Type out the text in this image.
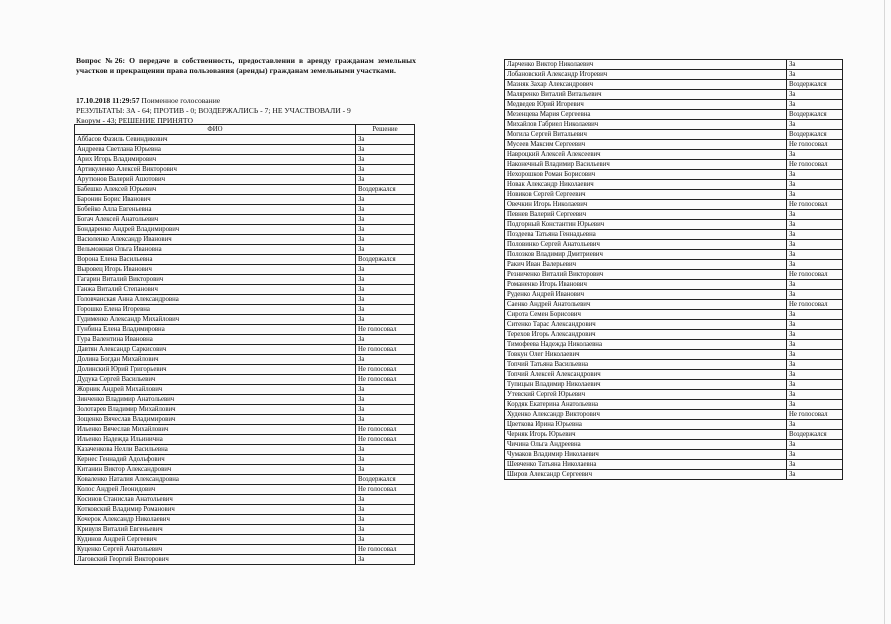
Вопрос №26: О передаче в собственность, предоставлении в аренду гражданам земельных участков и прекращении права пользования (аренды) гражданам земельными участками.
17.10.2018 11:29:57 Поименное голосование
РЕЗУЛЬТАТЫ: ЗА - 64; ПРОТИВ - 0; ВОЗДЕРЖАЛИСЬ - 7; НЕ УЧАСТВОВАЛИ - 9
Кворум - 43; РЕШЕНИЕ ПРИНЯТО
ФИО	Решение
Аббасов Фазиль Севиндикович	За
Андреева Светлана Юрьевна	За
Арих Игорь Владимирович	За
Артикуленко Алексей Викторович	За
Арутюнов Валерий Ашотович	За
Бабешко Алексей Юрьевич	Воздержался
Баронин Борис Иванович	За
Бобейко Алла Евгеньевна	За
Богач Алексей Анатольевич	За
Бондаренко Андрей Владимирович	За
Васюленко Александр Иванович	За
Вельможная Ольга Ивановна	За
Ворона Елена Васильевна	Воздержался
Выровец Игорь Иванович	За
Гагарин Виталий Викторович	За
Ганжа Виталий Степанович	За
Головчанская Анна Александровна	За
Горошко Елена Игоревна	За
Гудименко Александр Михайлович	За
Гунбина Елена Владимировна	Не голосовал
Гура Валентина Ивановна	За
Давтян Александр Саркисович	Не голосовал
Долина Богдан Михайлович	За
Долинский Юрий Григорьевич	Не голосовал
Дудука Сергей Васильевич	Не голосовал
Жорник Андрей Михайлович	За
Зинченко Владимир Анатольевич	За
Золотарев Владимир Михайлович	За
Зощенко Вячеслав Владимирович	За
Ильенко Вячеслав Михайлович	Не голосовал
Ильенко Надежда Ильинична	Не голосовал
Казаченкова Нелли Васильевна	За
Кернес Геннадий Адольфович	За
Китанин Виктор Александрович	За
Коваленко Наталия Александровна	Воздержался
Колос Андрей Леонидович	Не голосовал
Косинов Станислав Анатольевич	За
Котковский Владимир Романович	За
Кочерок Александр Николаевич	За
Кривуля Виталий Евгеньевич	За
Кудинов Андрей Сергеевич	За
Куценко Сергей Анатольевич	Не голосовал
Лаговский Георгий Викторович	За
Ларченко Виктор Николаевич	За
Лобановский Александр Игоревич	За
Мазняк Захар Александрович	Воздержался
Маляренко Виталий Витальевич	За
Медведев Юрий Игоревич	За
Мезенцева Мария Сергеевна	Воздержался
Михайлов Габриел Николаевич	За
Могила Сергей Витальевич	Воздержался
Мусеев Максим Сергеевич	Не голосовал
Навроцкий Алексей Алексеевич	За
Наконечный Владимир Васильевич	Не голосовал
Нехорошков Роман Борисович	За
Новак Александр Николаевич	За
Новиков Сергей Сергеевич	За
Овечкин Игорь Николаевич	Не голосовал
Певнев Валерий Сергеевич	За
Подгорный Константин Юрьевич	За
Поздеева Татьяна Геннадьевна	За
Половинко Сергей Анатольевич	За
Полозков Владимир Дмитриевич	За
Ракич Иван Валерьевич	За
Резниченко Виталий Викторович	Не голосовал
Романенко Игорь Иванович	За
Руденко Андрей Иванович	За
Саенко Андрей Анатольевич	Не голосовал
Сирота Семен Борисович	За
Ситенко Тарас Александрович	За
Терехов Игорь Александрович	За
Тимофеева Надежда Николаевна	За
Товкун Олег Николаевич	За
Топчий Татьяна Васильевна	За
Топчий Алексей Александрович	За
Тупицын Владимир Николаевич	За
Утевский Сергей Юрьевич	За
Кордяк Екатерина Анатольевна	За
Худенко Александр Викторович	Не голосовал
Цветкова Ирина Юрьевна	За
Черняк Игорь Юрьевич	Воздержался
Чичина Ольга Андреевна	За
Чумаков Владимир Николаевич	За
Шевченко Татьяна Николаевна	За
Широв Александр Сергеевич	За
